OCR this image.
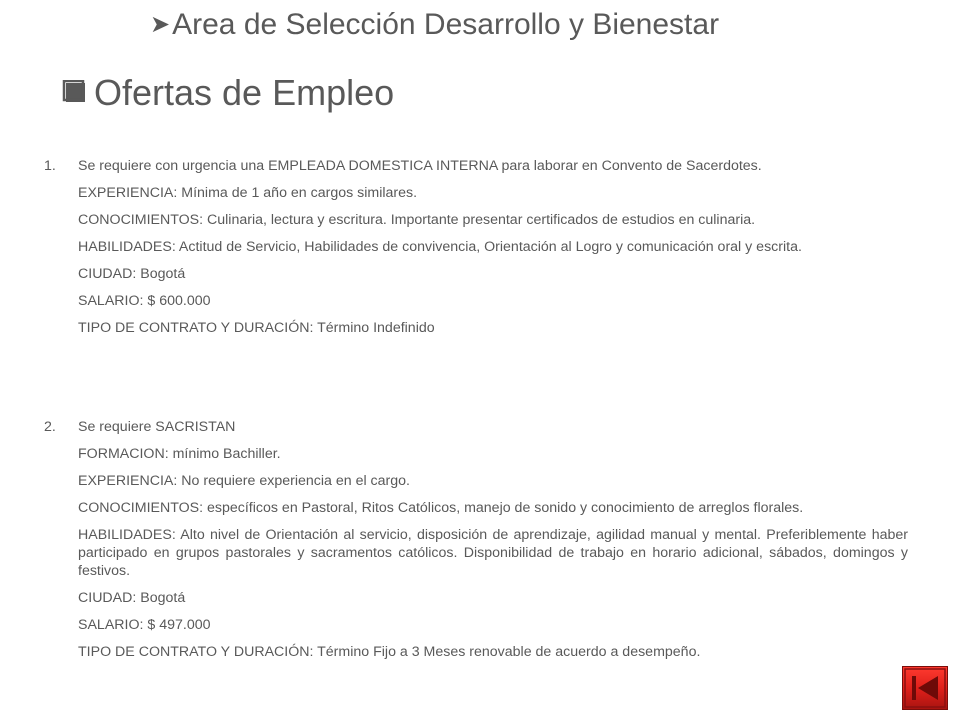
➤ Area de Selección Desarrollo y Bienestar
Ofertas de Empleo
1.	Se requiere con urgencia una EMPLEADA DOMESTICA INTERNA para laborar en Convento de Sacerdotes.
EXPERIENCIA: Mínima de 1 año en cargos similares.
CONOCIMIENTOS: Culinaria, lectura y escritura. Importante presentar certificados de estudios en culinaria.
HABILIDADES: Actitud de Servicio, Habilidades de convivencia, Orientación al Logro y comunicación oral y escrita.
CIUDAD: Bogotá
SALARIO: $ 600.000
TIPO DE CONTRATO Y DURACIÓN: Término Indefinido
2.	Se requiere SACRISTAN
FORMACION: mínimo Bachiller.
EXPERIENCIA: No requiere experiencia en el cargo.
CONOCIMIENTOS: específicos en Pastoral, Ritos Católicos, manejo de sonido y conocimiento de arreglos florales.
HABILIDADES: Alto nivel de Orientación al servicio, disposición de aprendizaje, agilidad manual y mental. Preferiblemente haber participado en grupos pastorales y sacramentos católicos. Disponibilidad de trabajo en horario adicional, sábados, domingos y festivos.
CIUDAD: Bogotá
SALARIO: $ 497.000
TIPO DE CONTRATO Y DURACIÓN: Término Fijo a 3 Meses renovable de acuerdo a desempeño.
